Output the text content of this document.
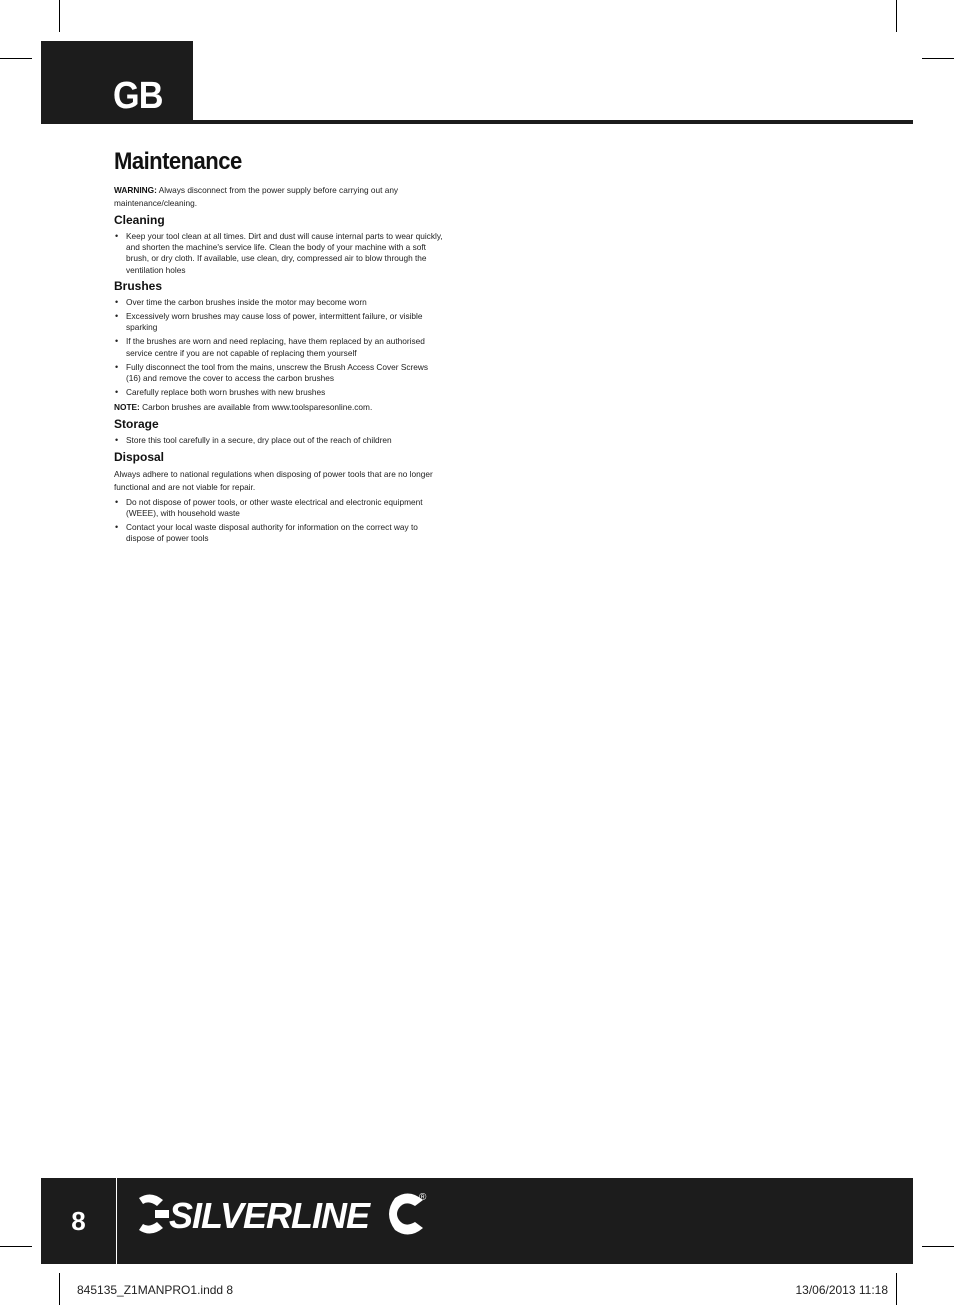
GB
Maintenance

WARNING: Always disconnect from the power supply before carrying out any maintenance/cleaning.

Cleaning
• Keep your tool clean at all times. Dirt and dust will cause internal parts to wear quickly, and shorten the machine's service life. Clean the body of your machine with a soft brush, or dry cloth. If available, use clean, dry, compressed air to blow through the ventilation holes
Brushes
• Over time the carbon brushes inside the motor may become worn
• Excessively worn brushes may cause loss of power, intermittent failure, or visible sparking
• If the brushes are worn and need replacing, have them replaced by an authorised service centre if you are not capable of replacing them yourself
• Fully disconnect the tool from the mains, unscrew the Brush Access Cover Screws (16) and remove the cover to access the carbon brushes
• Carefully replace both worn brushes with new brushes

NOTE: Carbon brushes are available from www.toolsparesonline.com.

Storage
• Store this tool carefully in a secure, dry place out of the reach of children
Disposal

Always adhere to national regulations when disposing of power tools that are no longer functional and are not viable for repair.

• Do not dispose of power tools, or other waste electrical and electronic equipment (WEEE), with household waste
• Contact your local waste disposal authority for information on the correct way to dispose of power tools
8	SILVERLINE	®
845135_Z1MANPRO1.indd 8	13/06/2013 11:18
